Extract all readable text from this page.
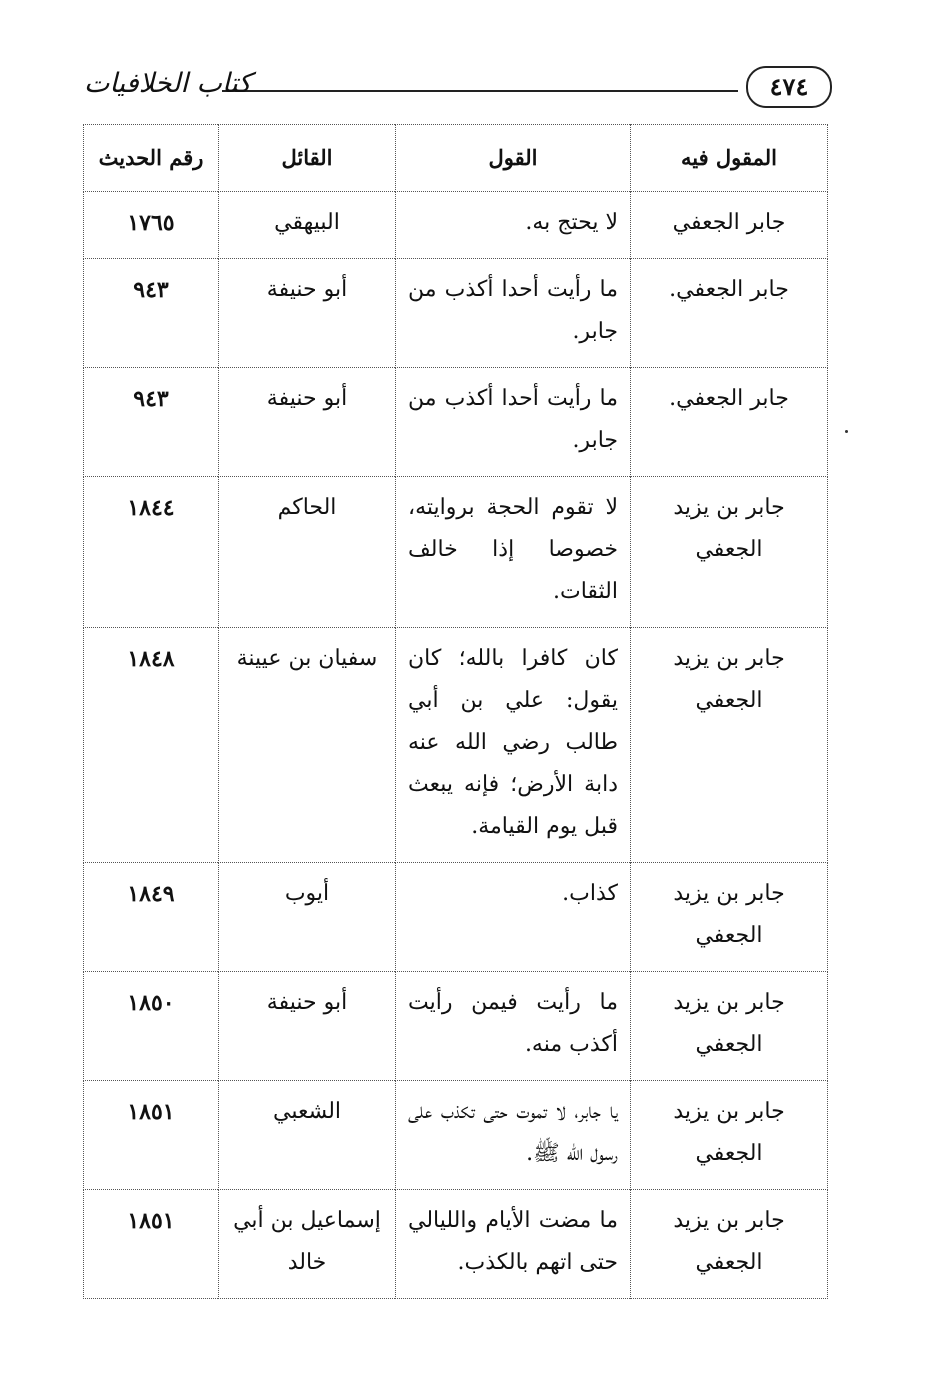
٤٧٤
كتاب الخلافيات
المقول فيه	القول	القائل	رقم الحديث
جابر الجعفي	لا يحتج به.	البيهقي	١٧٦٥
جابر الجعفي.	ما رأيت أحدا أكذب من جابر.	أبو حنيفة	٩٤٣
جابر الجعفي.	ما رأيت أحدا أكذب من جابر.	أبو حنيفة	٩٤٣
جابر بن يزيد الجعفي	لا تقوم الحجة بروايته، خصوصا إذا خالف الثقات.	الحاكم	١٨٤٤
جابر بن يزيد الجعفي	كان كافرا بالله؛ كان يقول: علي بن أبي طالب رضي الله عنه دابة الأرض؛ فإنه يبعث قبل يوم القيامة.	سفيان بن عيينة	١٨٤٨
جابر بن يزيد الجعفي	كذاب.	أيوب	١٨٤٩
جابر بن يزيد الجعفي	ما رأيت فيمن رأيت أكذب منه.	أبو حنيفة	١٨٥٠
جابر بن يزيد الجعفي	يا جابر، لا تموت حتى تكذب على رسول الله ﷺ.	الشعبي	١٨٥١
جابر بن يزيد الجعفي	ما مضت الأيام والليالي حتى اتهم بالكذب.	إسماعيل بن أبي خالد	١٨٥١
